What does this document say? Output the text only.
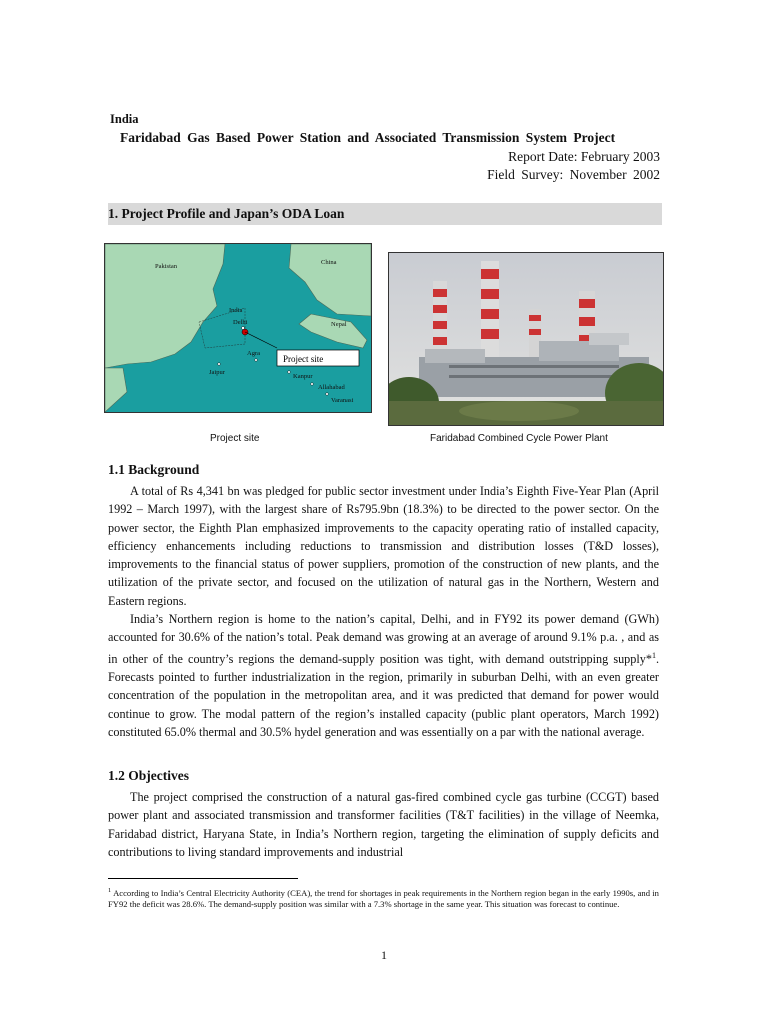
India
Faridabad Gas Based Power Station and Associated Transmission System Project
Report Date: February 2003
Field Survey: November 2002
1. Project Profile and Japan’s ODA Loan
Pakistan
China
India
Delhi	Nepal
Agra
Project site
Jaipur
Kanpur
Allahabad
Varanasi
Project site	Faridabad Combined Cycle Power Plant
1.1 Background

A total of Rs 4,341 bn was pledged for public sector investment under India’s Eighth Five-Year Plan (April 1992 – March 1997), with the largest share of Rs795.9bn (18.3%) to be directed to the power sector. On the power sector, the Eighth Plan emphasized improvements to the capacity operating ratio of installed capacity, efficiency enhancements including reductions to transmission and distribution losses (T&D losses), improvements to the financial status of power suppliers, promotion of the construction of new plants, and the utilization of the private sector, and focused on the utilization of natural gas in the Northern, Western and Eastern regions.

India’s Northern region is home to the nation’s capital, Delhi, and in FY92 its power demand (GWh) accounted for 30.6% of the nation’s total. Peak demand was growing at an average of around 9.1% p.a. , and as in other of the country’s regions the demand-supply position was tight, with demand outstripping supply*$^1$. Forecasts pointed to further industrialization in the region, primarily in suburban Delhi, with an even greater concentration of the population in the metropolitan area, and it was predicted that demand for power would continue to grow. The modal pattern of the region’s installed capacity (public plant operators, March 1992) constituted 65.0% thermal and 30.5% hydel generation and was essentially on a par with the national average.

1.2 Objectives

The project comprised the construction of a natural gas-fired combined cycle gas turbine (CCGT) based power plant and associated transmission and transformer facilities (T&T facilities) in the village of Neemka, Faridabad district, Haryana State, in India’s Northern region, targeting the elimination of supply deficits and contributions to living standard improvements and industrial

$^1$ According to India’s Central Electricity Authority (CEA), the trend for shortages in peak requirements in the Northern region began in the early 1990s, and in FY92 the deficit was 28.6%. The demand-supply position was similar with a 7.3% shortage in the same year. This situation was forecast to continue.
1
